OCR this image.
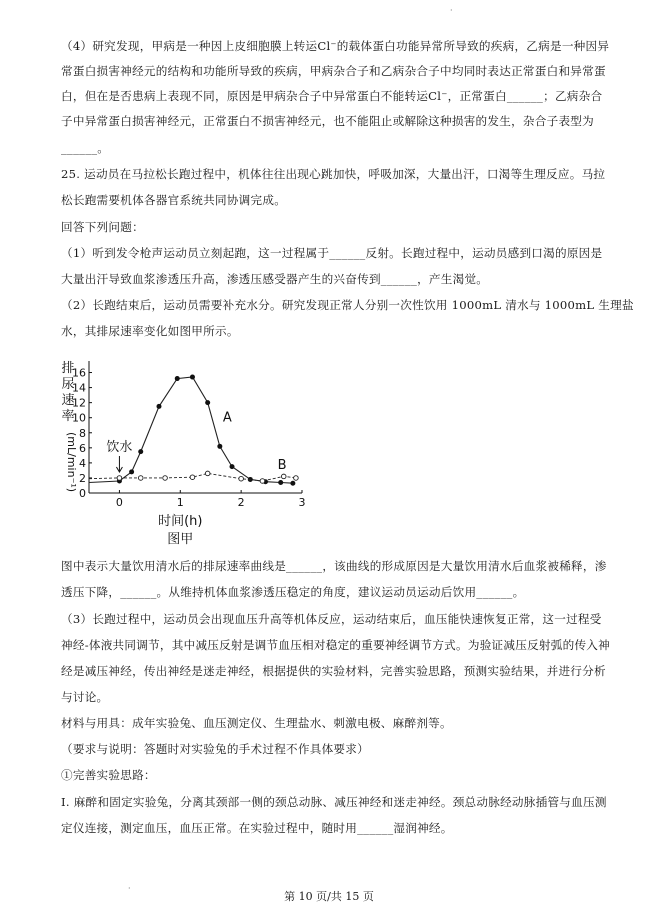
·
（4）研究发现，甲病是一种因上皮细胞膜上转运Cl⁻的载体蛋白功能异常所导致的疾病，乙病是一种因异
常蛋白损害神经元的结构和功能所导致的疾病，甲病杂合子和乙病杂合子中均同时表达正常蛋白和异常蛋
白，但在是否患病上表现不同，原因是甲病杂合子中异常蛋白不能转运Cl⁻，正常蛋白______；乙病杂合
子中异常蛋白损害神经元，正常蛋白不损害神经元，也不能阻止或解除这种损害的发生，杂合子表型为
______。
25. 运动员在马拉松长跑过程中，机体往往出现心跳加快，呼吸加深，大量出汗，口渴等生理反应。马拉
松长跑需要机体各器官系统共同协调完成。
回答下列问题：
（1）听到发令枪声运动员立刻起跑，这一过程属于______反射。长跑过程中，运动员感到口渴的原因是
大量出汗导致血浆渗透压升高，渗透压感受器产生的兴奋传到______，产生渴觉。
（2）长跑结束后，运动员需要补充水分。研究发现正常人分别一次性饮用 1000mL 清水与 1000mL 生理盐
水，其排尿速率变化如图甲所示。
0
2
4
6
8
10
12
14
16
0	1	2	3
排
尿
速
率
(mL/min⁻¹)
时间(h)
图甲
饮水
A
B
图中表示大量饮用清水后的排尿速率曲线是______，该曲线的形成原因是大量饮用清水后血浆被稀释，渗
透压下降，______。从维持机体血浆渗透压稳定的角度，建议运动员运动后饮用______。
（3）长跑过程中，运动员会出现血压升高等机体反应，运动结束后，血压能快速恢复正常，这一过程受
神经-体液共同调节，其中减压反射是调节血压相对稳定的重要神经调节方式。为验证减压反射弧的传入神
经是减压神经，传出神经是迷走神经，根据提供的实验材料，完善实验思路，预测实验结果，并进行分析
与讨论。
材料与用具：成年实验兔、血压测定仪、生理盐水、刺激电极、麻醉剂等。
（要求与说明：答题时对实验兔的手术过程不作具体要求）
①完善实验思路：
I. 麻醉和固定实验兔，分离其颈部一侧的颈总动脉、减压神经和迷走神经。颈总动脉经动脉插管与血压测
定仪连接，测定血压，血压正常。在实验过程中，随时用______湿润神经。
·
第 10 页/共 15 页
